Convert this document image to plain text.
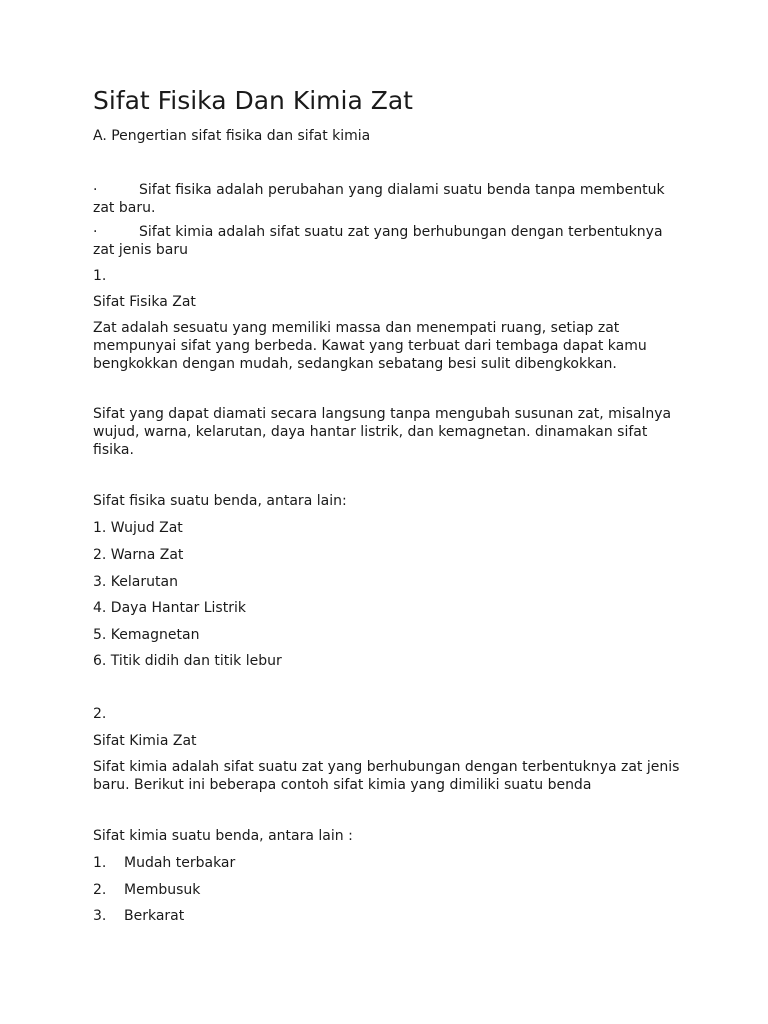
Sifat Fisika Dan Kimia Zat

A. Pengertian sifat fisika dan sifat kimia

·	Sifat fisika adalah perubahan yang dialami suatu benda tanpa membentuk zat baru.
·	Sifat kimia adalah sifat suatu zat yang berhubungan dengan terbentuknya zat jenis baru

1.

Sifat Fisika Zat

Zat adalah sesuatu yang memiliki massa dan menempati ruang, setiap zat mempunyai sifat yang berbeda. Kawat yang terbuat dari tembaga dapat kamu bengkokkan dengan mudah, sedangkan sebatang besi sulit dibengkokkan.

Sifat yang dapat diamati secara langsung tanpa mengubah susunan zat, misalnya wujud, warna, kelarutan, daya hantar listrik, dan kemagnetan. dinamakan sifat fisika.

Sifat fisika suatu benda, antara lain:

1. Wujud Zat

2. Warna Zat

3. Kelarutan

4. Daya Hantar Listrik

5. Kemagnetan

6. Titik didih dan titik lebur

2.

Sifat Kimia Zat

Sifat kimia adalah sifat suatu zat yang berhubungan dengan terbentuknya zat jenis baru. Berikut ini beberapa contoh sifat kimia yang dimiliki suatu benda

Sifat kimia suatu benda, antara lain :

1. Mudah terbakar
2. Membusuk
3. Berkarat
